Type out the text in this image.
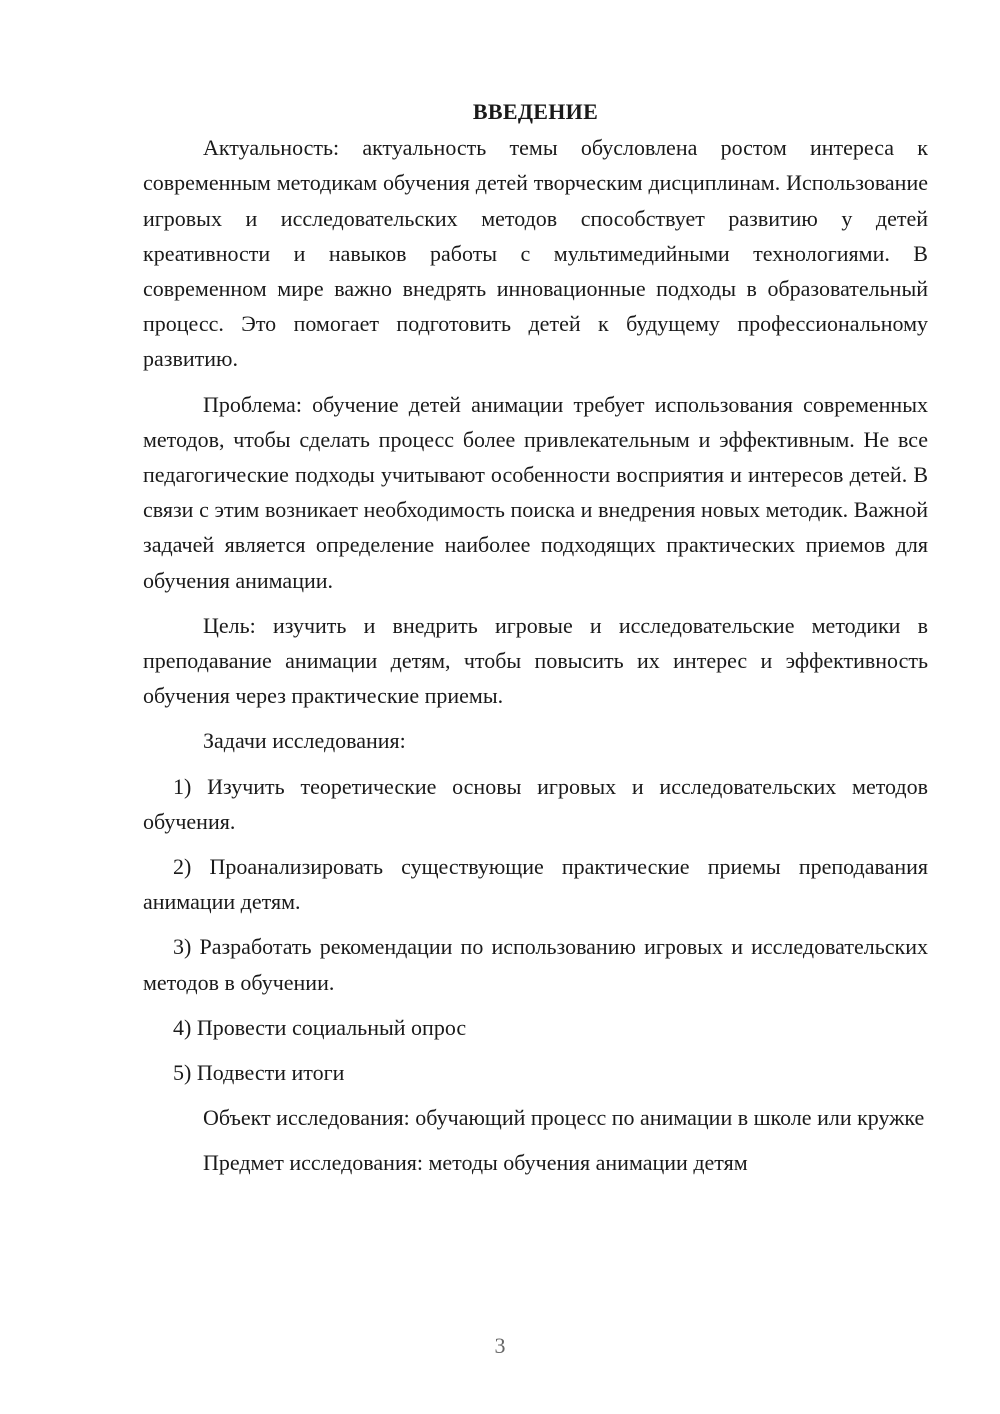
ВВЕДЕНИЕ

Актуальность: актуальность темы обусловлена ростом интереса к современным методикам обучения детей творческим дисциплинам. Использование игровых и исследовательских методов способствует развитию у детей креативности и навыков работы с мультимедийными технологиями. В современном мире важно внедрять инновационные подходы в образовательный процесс. Это помогает подготовить детей к будущему профессиональному развитию.

Проблема: обучение детей анимации требует использования современных методов, чтобы сделать процесс более привлекательным и эффективным. Не все педагогические подходы учитывают особенности восприятия и интересов детей. В связи с этим возникает необходимость поиска и внедрения новых методик. Важной задачей является определение наиболее подходящих практических приемов для обучения анимации.

Цель: изучить и внедрить игровые и исследовательские методики в преподавание анимации детям, чтобы повысить их интерес и эффективность обучения через практические приемы.

Задачи исследования:

1) Изучить теоретические основы игровых и исследовательских методов обучения.

2) Проанализировать существующие практические приемы преподавания анимации детям.

3) Разработать рекомендации по использованию игровых и исследовательских методов в обучении.

4) Провести социальный опрос

5) Подвести итоги

Объект исследования: обучающий процесс по анимации в школе или кружке

Предмет исследования: методы обучения анимации детям

3
